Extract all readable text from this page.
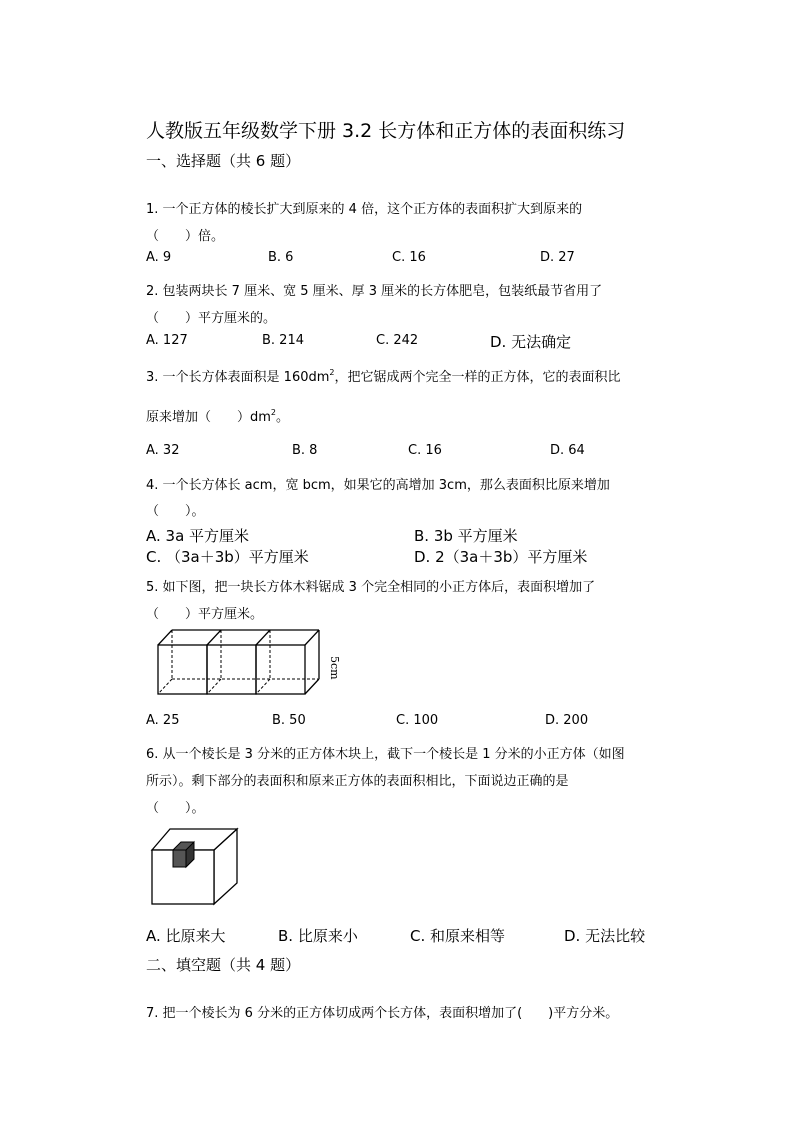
人教版五年级数学下册 3.2 长方体和正方体的表面积练习
一、选择题（共 6 题）
1. 一个正方体的棱长扩大到原来的 4 倍，这个正方体的表面积扩大到原来的
（　　）倍。
A. 9	B. 6	C. 16	D. 27
2. 包装两块长 7 厘米、宽 5 厘米、厚 3 厘米的长方体肥皂，包装纸最节省用了
（　　）平方厘米的。
A. 127	B. 214	C. 242	D. 无法确定
3. 一个长方体表面积是 $160dm^2$，把它锯成两个完全一样的正方体，它的表面积比
原来增加（　　）$dm^2$。
A. 32	B. 8	C. 16	D. 64
4. 一个长方体长 acm，宽 bcm，如果它的高增加 3cm，那么表面积比原来增加
（　　）。
A. 3a 平方厘米	B. 3b 平方厘米
C. （3a＋3b）平方厘米	D. 2（3a＋3b）平方厘米
5. 如下图，把一块长方体木料锯成 3 个完全相同的小正方体后，表面积增加了
（　　）平方厘米。
5cm
A. 25	B. 50	C. 100	D. 200
6. 从一个棱长是 3 分米的正方体木块上，截下一个棱长是 1 分米的小正方体（如图
所示）。剩下部分的表面积和原来正方体的表面积相比，下面说边正确的是
（　　）。
A. 比原来大	B. 比原来小	C. 和原来相等	D. 无法比较
二、填空题（共 4 题）
7. 把一个棱长为 6 分米的正方体切成两个长方体，表面积增加了(　　)平方分米。
